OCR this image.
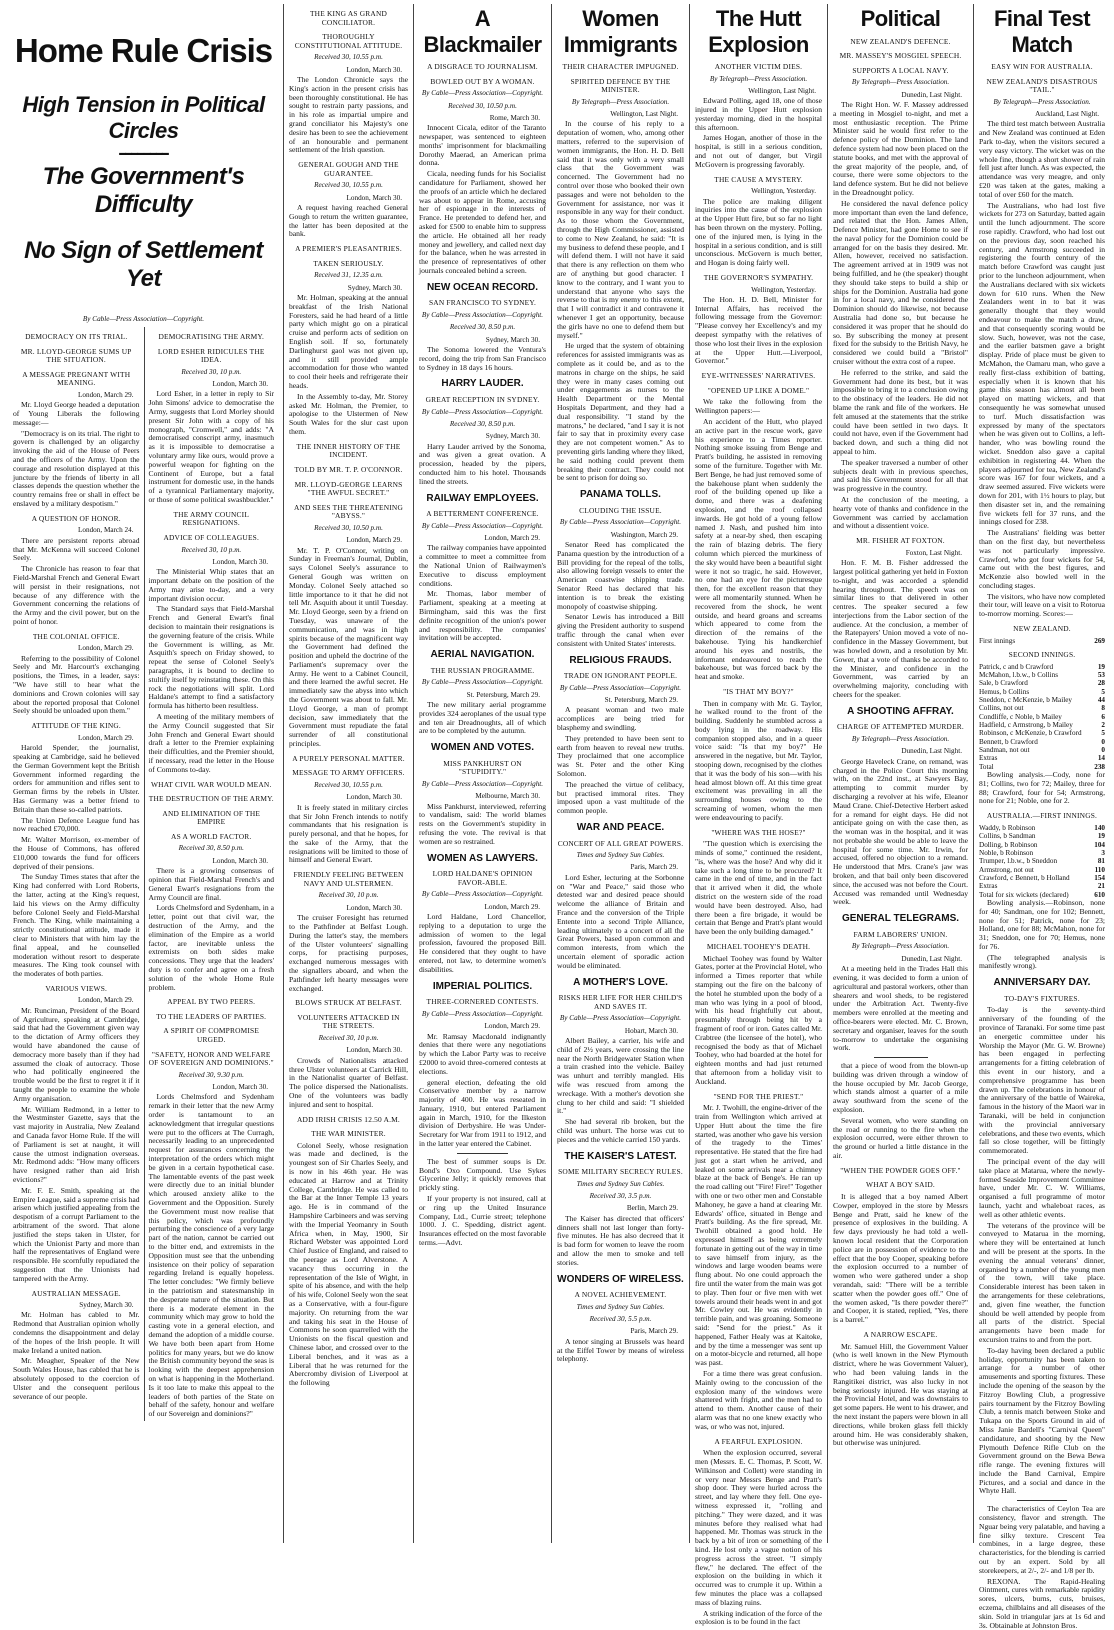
Home Rule Crisis
High Tension in Political Circles
▬▬▬▬ ▬▬▬▬
The Government's Difficulty
No Sign of Settlement Yet
By Cable—Press Association—Copyright.
DEMOCRACY ON ITS TRIAL.
MR. LLOYD-GEORGE SUMS UP THE SITUATION.
A MESSAGE PREGNANT WITH MEANING.
London, March 29.

Mr. Lloyd George headed a deputation of Young Liberals the following message:—

"Democracy is on its trial. The right to govern is challenged by an oligarchy invoking the aid of the House of Peers and the officers of the Army. Upon the courage and resolution displayed at this juncture by the friends of liberty in all classes depends the question whether the country remains free or shall in effect be enslaved by a military despotism."

A QUESTION OF HONOR.
London, March 24.

There are persistent reports abroad that Mr. McKenna will succeed Colonel Seely.

The Chronicle has reason to fear that Field-Marshal French and General Ewart will persist in their resignations, not because of any difference with the Government concerning the relations of the Army and the civil power, but on the point of honor.

THE COLONIAL OFFICE.
London, March 29.

Referring to the possibility of Colonel Seely and Mr. Harcourt's exchanging positions, the Times, in a leader, says: "We have still to hear what the dominions and Crown colonies will say about the reported proposal that Colonel Seely should be unloaded upon them."

ATTITUDE OF THE KING.
London, March 29.

Harold Spender, the journalist, speaking at Cambridge, said he believed the German Government kept the British Government informed regarding the orders for ammunition and rifles sent to German firms by the rebels in Ulster. Has Germany was a better friend to Britain than these so-called patriots.

The Union Defence League fund has now reached £70,000.

Mr. Walter Morrison, ex-member of the House of Commons, has offered £10,000 towards the fund for officers deprived of their pensions.

The Sunday Times states that after the King had conferred with Lord Roberts, the latter, acting at the King's request, laid his views on the Army difficulty before Colonel Seely and Field-Marshal French. The King, while maintaining a strictly constitutional attitude, made it clear to Ministers that with him lay the final appeal, and he counselled moderation without resort to desperate measures. The King took counsel with the moderates of both parties.

VARIOUS VIEWS.
London, March 29.

Mr. Runciman, President of the Board of Agriculture, speaking at Cambridge, said that had the Government given way to the dictation of Army officers they would have abandoned the cause of democracy more basely than if they had assumed the cloak of autocracy. Those who had politically engineered the trouble would be the first to regret it if it taught the people to examine the whole Army organisation.

Mr. William Redmond, in a letter to the Westminster Gazette, says that the vast majority in Australia, New Zealand and Canada favor Home Rule. If the will of Parliament is set at naught, it will cause the utmost indignation overseas. Mr. Redmond adds: "How many officers have resigned rather than aid Irish evictions?"

Mr. F. E. Smith, speaking at the Empire League, said a supreme crisis had arisen which justified appealing from the despotism of a corrupt Parliament to the arbitrament of the sword. That alone justified the steps taken in Ulster, for which the Unionist Party and more than half the representatives of England were responsible. He scornfully repudiated the suggestion that the Unionists had tampered with the Army.

AUSTRALIAN MESSAGE.
Sydney, March 30.

Mr. Holman has cabled to Mr. Redmond that Australian opinion wholly condemns the disappointment and delay of the hopes of the Irish people. It will make Ireland a united nation.

Mr. Meagher, Speaker of the New South Wales House, has cabled that he is absolutely opposed to the coercion of Ulster and the consequent perilous severance of our people.

DEMOCRATISING THE ARMY.
LORD ESHER RIDICULES THE IDEA.
Received 30, 10 p.m.
London, March 30.

Lord Esher, in a letter in reply to Sir John Simons' advice to democratise the Army, suggests that Lord Morley should present Sir John with a copy of his monograph, "Cromwell," and adds: "A democratised conscript army, inasmuch as it is impossible to democratise a voluntary army like ours, would prove a powerful weapon for fighting on the Continent of Europe, but a fatal instrument for domestic use, in the hands of a tyrannical Parliamentary majority, or those of some political swashbuckler."

THE ARMY COUNCIL RESIGNATIONS.
ADVICE OF COLLEAGUES.
Received 30, 10 p.m.
London, March 30.

The Ministerial Whip states that an important debate on the position of the Army may arise to-day, and a very important division occur.

The Standard says that Field-Marshal French and General Ewart's final decision to maintain their resignations is the governing feature of the crisis. While the Government is willing, as Mr. Asquith's speech on Friday showed, to repeat the sense of Colonel Seely's paragraphs, it is bound to decline to stultify itself by reinstating these. On this rock the negotiations will split. Lord Haldane's attempt to find a satisfactory formula has hitherto been resultless.

A meeting of the military members of the Army Council suggested that Sir John French and General Ewart should draft a letter to the Premier explaining their difficulties, and the Premier should, if necessary, read the letter in the House of Commons to-day.

WHAT CIVIL WAR WOULD MEAN.
THE DESTRUCTION OF THE ARMY.
AND ELIMINATION OF THE EMPIRE
AS A WORLD FACTOR.
Received 30, 8.50 p.m.
London, March 30.

There is a growing consensus of opinion that Field-Marshal French's and General Ewart's resignations from the Army Council are final.

Lords Chelmsford and Sydenham, in a letter, point out that civil war, the destruction of the Army, and the elimination of the Empire as a world factor, are inevitable unless the extremists on both sides make concessions. They urge that the leaders' duty is to confer and agree on a fresh solution of the whole Home Rule problem.

APPEAL BY TWO PEERS.
TO THE LEADERS OF PARTIES.
A SPIRIT OF COMPROMISE URGED.
"SAFETY, HONOR AND WELFARE OF SOVEREIGN AND DOMINIONS."
Received 30, 9.30 p.m.
London, March 30.

Lords Chelmsford and Sydenham remark in their letter that the new Army order is tantamount to an acknowledgment that irregular questions were put to the officers at The Curragh, necessarily leading to an unprecedented request for assurances concerning the interpretation of the orders which might be given in a certain hypothetical case. The lamentable events of the past week were directly due to an initial blunder which aroused anxiety alike to the Government and the Opposition. Surely the Government must now realise that this policy, which was profoundly perturbing the conscience of a very large part of the nation, cannot be carried out to the bitter end, and extremists in the Opposition must see that the unbending insistence on their policy of separation regarding Ireland is equally hopeless. The letter concludes: "We firmly believe in the patriotism and statesmanship in the desperate nature of the situation. But there is a moderate element in the community which may grow to hold the casting vote in a general election, and demand the adoption of a middle course. We have both been apart from Home politics for many years, but we do know the British community beyond the seas is looking with the deepest apprehension on what is happening in the Motherland. Is it too late to make this appeal to the leaders of both parties of the State on behalf of the safety, honour and welfare of our Sovereign and dominions?"

THE KING AS GRAND CONCILIATOR.
THOROUGHLY CONSTITUTIONAL ATTITUDE.
Received 30, 10.55 p.m.
London, March 30.

The London Chronicle says the King's action in the present crisis has been thoroughly constitutional. He has sought to restrain party passions, and in his role as impartial umpire and grand conciliator his Majesty's one desire has been to see the achievement of an honourable and permanent settlement of the Irish question.

GENERAL GOUGH AND THE GUARANTEE.
Received 30, 10.55 p.m.
London, March 30.

A request having reached General Gough to return the written guarantee, the latter has been deposited at the bank.

A PREMIER'S PLEASANTRIES.
TAKEN SERIOUSLY.
Received 31, 12.35 a.m.
Sydney, March 30.

Mr. Holman, speaking at the annual breakfast of the Irish National Foresters, said he had heard of a little party which might go on a piratical cruise and perform acts of sedition on English soil. If so, fortunately Darlinghurst gaol was not given up, and it still provided ample accommodation for those who wanted to cool their heels and refrigerate their heads.

In the Assembly to-day, Mr. Storey asked Mr. Holman, the Premier, to apologise to the Ulstermen of New South Wales for the slur cast upon them.

THE INNER HISTORY OF THE INCIDENT.
TOLD BY MR. T. P. O'CONNOR.
MR. LLOYD-GEORGE LEARNS "THE AWFUL SECRET."
AND SEES THE THREATENING "ABYSS."
Received 30, 10.50 p.m.
London, March 29.

Mr. T. P. O'Connor, writing on Sunday in Freeman's Journal, Dublin, says Colonel Seely's assurance to General Gough was written on Monday. Colonel Seely attached so little importance to it that he did not tell Mr. Asquith about it until Tuesday. Mr. Lloyd George, seen by a friend on Tuesday, was unaware of the communication, and was in high spirits because of the magnificent way the Government had defined the position and upheld the doctrine of the Parliament's supremacy over the Army. He went to a Cabinet Council, and there learned the awful secret. He immediately saw the abyss into which the Government was about to fall. Mr. Lloyd George, a man of prompt decision, saw immediately that the Government must repudiate the fatal surrender of all constitutional principles.

A PURELY PERSONAL MATTER.
MESSAGE TO ARMY OFFICERS.
Received 30, 10.55 p.m.
London, March 30.

It is freely stated in military circles that Sir John French intends to notify commandants that his resignation is purely personal, and that he hopes, for the sake of the Army, that the resignations will be limited to those of himself and General Ewart.

FRIENDLY FEELING BETWEEN NAVY AND ULSTERMEN.
Received 30, 10 p.m.
London, March 30.

The cruiser Foresight has returned to the Pathfinder at Belfast Lough. During the latter's stay, the members of the Ulster volunteers' signalling corps, for practising purposes, exchanged numerous messages with the signallers aboard, and when the Pathfinder left hearty messages were exchanged.

BLOWS STRUCK AT BELFAST.
VOLUNTEERS ATTACKED IN THE STREETS.
Received 30, 10 p.m.
London, March 30.

Crowds of Nationalists attacked three Ulster volunteers at Carrick Hill, in the Nationalist quarter of Belfast. The police dispersed the Nationalists. One of the volunteers was badly injured and sent to hospital.

ADD IRISH CRISIS 12.50 A.M.
THE WAR MINISTER.

Colonel Seely, whose resignation was made and declined, is the youngest son of Sir Charles Seely, and is now in his 46th year. He was educated at Harrow and at Trinity College, Cambridge. He was called to the Bar at the Inner Temple 13 years ago. He is in command of the Hampshire Carbineers and was serving with the Imperial Yeomanry in South Africa when, in May, 1900, Sir Richard Webster was appointed Lord Chief Justice of England, and raised to the peerage as Lord Alverstone. A vacancy thus occurring in the representation of the Isle of Wight, in spite of his absence, and with the help of his wife, Colonel Seely won the seat as a Conservative, with a four-figure majority. On returning from the war and taking his seat in the House of Commons he soon quarrelled with the Unionists on the fiscal question and Chinese labor, and crossed over to the Liberal benches, and it was as a Liberal that he was returned for the Abercromby division of Liverpool at the following

A Blackmailer
A DISGRACE TO JOURNALISM.
BOWLED OUT BY A WOMAN.
By Cable—Press Association—Copyright.
Received 30, 10.50 p.m.
Rome, March 30.

Innocent Cicala, editor of the Taranto newspaper, was sentenced to eighteen months' imprisonment for blackmailing Dorothy Maerad, an American prima donna.

Cicala, needing funds for his Socialist candidature for Parliament, showed her the proofs of an article which he declared was about to appear in Rome, accusing her of espionage in the interests of France. He pretended to defend her, and asked for £500 to enable him to suppress the article. He obtained all her ready money and jewellery, and called next day for the balance, when he was arrested in the presence of representatives of other journals concealed behind a screen.

NEW OCEAN RECORD.
SAN FRANCISCO TO SYDNEY.
By Cable—Press Association—Copyright.
Received 30, 8.50 p.m.
Sydney, March 30.

The Sonoma lowered the Ventura's record, doing the trip from San Francisco to Sydney in 18 days 16 hours.

HARRY LAUDER.
GREAT RECEPTION IN SYDNEY.
By Cable—Press Association—Copyright.
Received 30, 8.50 p.m.
Sydney, March 30.

Harry Lauder arrived by the Sonoma, and was given a great ovation. A procession, headed by the pipers, conducted him to his hotel. Thousands lined the streets.

RAILWAY EMPLOYEES.
A BETTERMENT CONFERENCE.
By Cable—Press Association—Copyright.
London, March 29.

The railway companies have appointed a committee to meet a committee from the National Union of Railwaymen's Executive to discuss employment conditions.

Mr. Thomas, labor member of Parliament, speaking at a meeting at Birmingham, said this was the first definite recognition of the union's power and responsibility. The companies' invitation will be accepted.

AERIAL NAVIGATION.
THE RUSSIAN PROGRAMME.
By Cable—Press Association—Copyright.
St. Petersburg, March 29.

The new military aerial programme provides 324 aeroplanes of the usual type and ten air Dreadnoughts, all of which are to be completed by the autumn.

WOMEN AND VOTES.
MISS PANKHURST ON "STUPIDITY."
By Cable—Press Association—Copyright.
Melbourne, March 30.

Miss Pankhurst, interviewed, referring to vandalism, said: The world blames rests on the Government's stupidity in refusing the vote. The revival is that women are so restrained.

WOMEN AS LAWYERS.
LORD HALDANE'S OPINION FAVOR-ABLE.
By Cable—Press Association—Copyright.
London, March 29.

Lord Haldane, Lord Chancellor, replying to a deputation to urge the admission of women to the legal profession, favoured the proposed Bill. He considered that they ought to have entered, not law, to determine women's disabilities.

IMPERIAL POLITICS.
THREE-CORNERED CONTESTS.
By Cable—Press Association—Copyright.
London, March 29.

Mr. Ramsay Macdonald indignantly denies that there were any negotiations by which the Labor Party was to receive £2000 to avoid three-cornered contests at elections.

general election, defeating the old Conservative member by a narrow majority of 400. He was reseated in January, 1910, but entered Parliament again in March, 1910, for the Ilkeston division of Derbyshire. He was Under-Secretary for War from 1911 to 1912, and in the latter year entered the Cabinet.

The best of summer soups is Dr. Bond's Oxo Compound. Use Sykes Glycerine Jelly; it quickly removes that prickly sting.

If your property is not insured, call at or ring up the United Insurance Company, Ltd., Currie street; telephone 1000. J. C. Spedding, district agent. Insurances effected on the most favorable terms.—Advt.

Women Immigrants
THEIR CHARACTER IMPUGNED.
SPIRITED DEFENCE BY THE MINISTER.
By Telegraph—Press Association.
Wellington, Last Night.

In the course of his reply to a deputation of women, who, among other matters, referred to the supervision of women immigrants, the Hon. H. D. Bell said that it was only with a very small class that the Government was concerned. The Government had no control over those who booked their own passages and were not beholden to the Government for assistance, nor was it responsible in any way for their conduct. As to those whom the Government, through the High Commissioner, assisted to come to New Zealand, he said: "It is my business to defend these people, and I will defend them. I will not have it said that there is any reflection on them who are of anything but good character. I know to the contrary, and I want you to understand that anyone who says the reverse to that is my enemy to this extent, that I will contradict it and contravene it whenever I get an opportunity, because the girls have no one to defend them but myself."

He urged that the system of obtaining references for assisted immigrants was as complete as it could be, and as to the matrons in charge on the ships, he said they were in many cases coming out under engagements as nurses to the Health Department or the Mental Hospitals Department, and they had a dual responsibility. "I stand by the matrons," he declared, "and I say it is not fair to say that in proximity every case they are not competent women." As to preventing girls landing where they liked, he said nothing could prevent them breaking their contract. They could not be sent to prison for doing so.

PANAMA TOLLS.
CLOUDING THE ISSUE.
By Cable—Press Association—Copyright.
Washington, March 29.

Senator Reed has complicated the Panama question by the introduction of a Bill providing for the repeal of the tolls, also allowing foreign vessels to enter the American coastwise shipping trade. Senator Reed has declared that his intention is to break the existing monopoly of coastwise shipping.

Senator Lewis has introduced a Bill giving the President authority to suspend traffic through the canal when ever consistent with United States' interests.

RELIGIOUS FRAUDS.
TRADE ON IGNORANT PEOPLE.
By Cable—Press Association—Copyright.
St. Petersburg, March 29.

A peasant woman and two male accomplices are being tried for blasphemy and swindling.

They pretended to have been sent to earth from heaven to reveal new truths. They proclaimed that one accomplice was St. Peter and the other King Solomon.

The preached the virtue of celibacy, but practised immoral rites. They imposed upon a vast multitude of the common people.

WAR AND PEACE.
CONCERT OF ALL GREAT POWERS.
Times and Sydney Sun Cables.
Paris, March 29.

Lord Esher, lecturing at the Sorbonne on "War and Peace," said those who detested war and desired peace should welcome the alliance of Britain and France and the conversion of the Triple Entente into a second Triple Alliance, leading ultimately to a concert of all the Great Powers, based upon common and common interests, from which the uncertain element of sporadic action would be eliminated.

A MOTHER'S LOVE.
RISKS HER LIFE FOR HER CHILD'S AND SAVES IT.
By Cable—Press Association—Copyright.
Hobart, March 30.

Albert Bailey, a carrier, his wife and child of 2½ years, were crossing the line near the North Bridgewater Station when a train crashed into the vehicle. Bailey was unhurt and terribly mangled. His wife was rescued from among the wreckage. With a mother's devotion she clung to her child and said: "I shielded it."

She had several rib broken, but the child was unhurt. The horse was cut to pieces and the vehicle carried 150 yards.

THE KAISER'S LATEST.
SOME MILITARY SECRECY RULES.
Times and Sydney Sun Cables.
Received 30, 3.5 p.m.
Berlin, March 29.

The Kaiser has directed that officers' dinners shall not last longer than forty-five minutes. He has also decreed that it is bad form for women to leave the room and allow the men to smoke and tell stories.

WONDERS OF WIRELESS.
A NOVEL ACHIEVEMENT.
Times and Sydney Sun Cables.
Received 30, 5.5 p.m.
Paris, March 29.

A tenor singing at Brussels was heard at the Eiffel Tower by means of wireless telephony.

The Hutt Explosion
ANOTHER VICTIM DIES.
By Telegraph—Press Association.
Wellington, Last Night.

Edward Polling, aged 18, one of those injured in the Upper Hutt explosion yesterday morning, died in the hospital this afternoon.

James Hogan, another of those in the hospital, is still in a serious condition, and not out of danger, but Virgil McGovern is progressing favorably.

THE CAUSE A MYSTERY.
Wellington, Yesterday.

The police are making diligent inquiries into the cause of the explosion at the Upper Hutt fire, but so far no light has been thrown on the mystery. Polling, one of the injured men, is lying in the hospital in a serious condition, and is still unconscious. McGovern is much better, and Hogan is doing fairly well.

THE GOVERNOR'S SYMPATHY.
Wellington, Yesterday.

The Hon. H. D. Bell, Minister for Internal Affairs, has received the following message from the Governor: "Please convey her Excellency's and my deepest sympathy with the relatives of those who lost their lives in the explosion at the Upper Hutt.—Liverpool, Governor."

EYE-WITNESSES' NARRATIVES.
"OPENED UP LIKE A DOME."

We take the following from the Wellington papers:—

An accident of the Hutt, who played an active part in the rescue work, gave his experience to a Times reporter. Nothing smoke issuing from Benge and Pratt's building, he assisted in removing some of the furniture. Together with Mr. Bert Benge, he had just removed some of the bakehouse plant when suddenly the roof of the building opened up like a dome, and there was a deafening explosion, and the roof collapsed inwards. He got hold of a young fellow named J. Nash, and pushed him into safety at a near-by shed, then escaping the rain of blazing debris. The fiery column which pierced the murkiness of the sky would have been a beautiful sight were it not so tragic, he said. However, no one had an eye for the picturesque then, for the excellent reason that they were all momentarily stunned. When he recovered from the shock, he went outside, and heard groans and screams which appeared to come from the direction of the remains of the bakehouse. Tying his handkerchief around his eyes and nostrils, the informant endeavoured to reach the bakehouse, but was forced back by the heat and smoke.

"IS THAT MY BOY?"

Then in company with Mr. G. Taylor, he walked round to the front of the building. Suddenly he stumbled across a body lying in the roadway. His companion stopped also, and in a queer voice said: "Is that my boy?" He answered in the negative, but Mr. Taylor, stooping down, recognised by the clothes that it was the body of his son—with his head almost blown off. At this time great excitement was prevailing in all the surrounding houses owing to the screaming of women, whom the men were endeavouring to pacify.

"WHERE WAS THE HOSE?"

"The question which is exercising the minds of some," continued the resident, "is, where was the hose? And why did it take such a long time to be procured? It came in the end of time, and in the fact that it arrived when it did, the whole district on the western side of the road would have been destroyed. Also, had there been a fire brigade, it would be certain that Benge and Pratt's plant would have been the only building damaged."

MICHAEL TOOHEY'S DEATH.

Michael Toohey was found by Walter Gates, porter at the Provincial Hotel, who informed a Times reporter that while stamping out the fire on the balcony of the hotel he stumbled upon the body of a man who was lying in a pool of blood, with his head frightfully cut about, presumably through being hit by a fragment of roof or iron. Gates called Mr. Crabtree (the licensee of the hotel), who recognised the body as that of Michael Toohey, who had boarded at the hotel for eighteen months and had just returned that afternoon from a holiday visit to Auckland.

"SEND FOR THE PRIEST."

Mr. J. Twohill, the engine-driver of the train from Wellington which arrived at Upper Hutt about the time the fire started, was another who gave his version of the tragedy to the Times' representative. He stated that the fire had just got a start when he arrived, and leaked on some arrivals near a chimney blaze at the back of Benge's. He ran up the road calling out "Fire! Fire!" Together with one or two other men and Constable Mahoney, he gave a hand at clearing Mr. Edwards' office, situated in Benge and Pratt's building. As the fire spread, Mr. Twohill obtained a good hold. He expressed himself as being extremely fortunate in getting out of the way in time to save himself from injury, as the windows and large wooden beams were flung about. No one could approach the fire until the water from the main was got to play. Then four or five men with wet towels around their heads went in and got Mr. Cowley out. He was evidently in terrible pain, and was groaning. Someone said: "Send for the priest." As it happened, Father Healy was at Kaitoke, and by the time a messenger was sent up on a motor-bicycle and returned, all hope was past.

For a time there was great confusion. Mainly owing to the concussion of the explosion many of the windows were shattered with fright, and the men had to attend to them. Another cause of their alarm was that no one knew exactly who was, or who was not, injured.

A FEARFUL EXPLOSION.

When the explosion occurred, several men (Messrs. E. C. Thomas, P. Scott, W. Wilkinson and Collett) were standing in or very near Messrs Benge and Pratt's shop door. They were hurled across the street, and lay where they fell. One eye-witness expressed it, "rolling and pitching." They were dazed, and it was minutes before they realised what had happened. Mr. Thomas was struck in the back by a bit of iron or something of the kind. He lost only a vague notion of his progress across the street. "I simply flew," he declared. The effect of the explosion on the building in which it occurred was to crumple it up. Within a few minutes the place was a collapsed mass of blazing ruins.

A striking indication of the force of the explosion is to be found in the fact

Political
NEW ZEALAND'S DEFENCE.
MR. MASSEY'S MOSGIEL SPEECH.
SUPPORTS A LOCAL NAVY.
By Telegraph—Press Association.
Dunedin, Last Night.

The Right Hon. W. F. Massey addressed a meeting in Mosgiel to-night, and met a most enthusiastic reception. The Prime Minister said he would first refer to the defence policy of the Dominion. The land defence system had now been placed on the statute books, and met with the approval of the great majority of the people, and, of course, there were some objectors to the land defence system. But he did not believe in the Dreadnought policy.

He considered the naval defence policy more important than even the land defence, and related that the Hon. James Allen, Defence Minister, had gone Home to see if the naval policy for the Dominion could be arranged for on the basis they desired. Mr. Allen, however, received no satisfaction. The agreement arrived at in 1909 was not being fulfilled, and he (the speaker) thought they should take steps to build a ship or ships for the Dominion. Australia had gone in for a local navy, and he considered the Dominion should do likewise, not because Australia had done so, but because he considered it was proper that he should do so. By subscribing the money at present fixed for the subsidy to the British Navy, he considered we could build a "Bristol" cruiser without the extra cost of a rupee.

He referred to the strike, and said the Government had done its best, but it was impossible to bring it to a conclusion owing to the obstinacy of the leaders. He did not blame the rank and file of the workers. He felt amused at the statements that the strike could have been settled in two days. It could not have, even if the Government had backed down, and such a thing did not appeal to him.

The speaker traversed a number of other subjects dealt with in previous speeches, and said his Government stood for all that was progressive in the country.

At the conclusion of the meeting, a hearty vote of thanks and confidence in the Government was carried by acclamation and without a dissentient voice.

MR. FISHER AT FOXTON.
Foxton, Last Night.

Hon. F. M. B. Fisher addressed the largest political gathering yet held in Foxton to-night, and was accorded a splendid hearing throughout. The speech was on similar lines to that delivered in other centres. The speaker secured a few interjections from the Labor section of the audience. At the conclusion, a member of the Ratepayers' Union moved a vote of no-confidence in the Massey Government, but was howled down, and a resolution by Mr. Gower, that a vote of thanks be accorded to the Minister, and confidence in the Government, was carried by an overwhelming majority, concluding with cheers for the speaker.

A SHOOTING AFFRAY.
CHARGE OF ATTEMPTED MURDER.
By Telegraph—Press Association.
Dunedin, Last Night.

George Haveleck Crane, on remand, was charged in the Police Court this morning with, on the 22nd inst., at Sawyers Bay, attempting to commit murder by discharging a revolver at his wife, Eleanor Maud Crane. Chief-Detective Herbert asked for a remand for eight days. He did not anticipate going on with the case then, as the woman was in the hospital, and it was not probable she would be able to leave the hospital for some time. Mr. Irwin, for accused, offered no objection to a remand. He understood that Mrs. Crane's jaw was broken, and that bail only been discovered since, the accused was not before the Court. Accused was remanded until Wednesday week.

GENERAL TELEGRAMS.
FARM LABORERS' UNION.
By Telegraph—Press Association.
Dunedin, Last Night.

At a meeting held in the Trades Hall this evening, it was decided to form a union of agricultural and pastoral workers, other than shearers and wool sheds, to be registered under the Arbitration Act. Twenty-five members were enrolled at the meeting and office-bearers were elected. Mr. C. Brown, secretary and organiser, leaves for the south to-morrow to undertake the organising work.

that a piece of wood from the blown-up building was driven through a window of the house occupied by Mr. Jacob George, which stands almost a quarter of a mile away southward from the scene of the explosion.

Several women, who were standing on the road or running to the fire when the explosion occurred, were either thrown to the ground or hurled a little distance in the air.

"WHEN THE POWDER GOES OFF."
WHAT A BOY SAID.

It is alleged that a boy named Albert Cowper, employed in the store by Messrs Benge and Pratt, said he knew of the presence of explosives in the building. A few days previously he had told a well-known local resident that the Corporation police are in possession of evidence to the effect that the boy Cooper, speaking before the explosion occurred to a number of women who were gathered under a shop verandah, said: "There will be a terrible scatter when the powder goes off." One of the women asked, "Is there powder there?" and Cooper, it is stated, replied, "Yes, there is a barrel."

A NARROW ESCAPE.

Mr. Samuel Hill, the Government Valuer (who is well known in the New Plymouth district, where he was Government Valuer), who had been valuing lands in the Rangitikei district, was also lucky in not being seriously injured. He was staying at the Provincial Hotel, and was downstairs to get some papers. He went to his drawer, and the next instant the papers were blown in all directions, while broken glass fell thickly around him. He was considerably shaken, but otherwise was uninjured.

Final Test Match
EASY WIN FOR AUSTRALIA.
NEW ZEALAND'S DISASTROUS "TAIL."
By Telegraph—Press Association.
Auckland, Last Night.

The third test match between Australia and New Zealand was continued at Eden Park to-day, when the visitors secured a very easy victory. The wicket was on the whole fine, though a short shower of rain fell just after lunch. As was expected, the attendance was very meagre, and only £20 was taken at the gates, making a total of over £60 for the match.

The Australians, who had lost five wickets for 273 on Saturday, batted again until the lunch adjournment. The score rose rapidly. Crawford, who had lost out on the previous day, soon reached his century, and Armstrong succeeded in registering the fourth century of the match before Crawford was caught just prior to the luncheon adjournment, when the Australians declared with six wickets down for 610 runs. When the New Zealanders went in to bat it was generally thought that they would endeavour to make the match a draw, and that consequently scoring would be slow. Such, however, was not the case, and the earlier batsmen gave a bright display. Pride of place must be given to McMahon, the Oamaru man, who gave a really first-class exhibition of batting, especially when it is known that his game this season has almost all been played on matting wickets, and that consequently he was somewhat unused to turf. Much dissatisfaction was expressed by many of the spectators when he was given out to Collins, a left-hander, who was bowling round the wicket. Sneddon also gave a capital exhibition in registering 44. When the players adjourned for tea, New Zealand's score was 167 for four wickets, and a draw seemed assured. Five wickets were down for 201, with 1½ hours to play, but then disaster set in, and the remaining five wickets fell for 37 runs, and the innings closed for 238.

The Australians' fielding was better than on the first day, but nevertheless was not particularly impressive. Crawford, who got four wickets for 54, came out with the best figures, and McKenzie also bowled well in the concluding stages.

The visitors, who have now completed their tour, will leave on a visit to Rotorua to-morrow morning. Scores:—

NEW ZEALAND.
First innings	269
SECOND INNINGS.
Patrick, c and b Crawford	19
McMahon, l.b.w., b Collins	53
Sale, b Crawford	28
Hemus, b Collins	5
Sneddon, c McKenzie, b Mailey	44
Collins, not out	8
Condliffe, c Noble, b Mailey	6
Hadfield, c Armstrong, b Mailey	2
Robinson, c McKenzie, b Crawford	5
Bennett, b Crawford	0
Sandman, not out	0
Extras	14
Total	238

Bowling analysis.—Cody, none for 81; Collins, two for 72; Mailey, three for 88; Crawford, four for 54; Armstrong, none for 21; Noble, one for 2.

AUSTRALIA.—FIRST INNINGS.
Waddy, b Robinson	140
Collins, b Sandman	19
Dolling, b Robinson	104
Noble, b Robinson	3
Trumper, l.b.w., b Sneddon	81
Armstrong, not out	110
Crawford, c Bennett, b Holland	154
Extras	21
Total for six wickets (declared)	610

Bowling analysis.—Robinson, none for 40; Sandman, one for 102; Bennett, none for 51; Patrick, none for 23; Holland, one for 88; McMahon, none for 31; Sneddon, one for 70; Hemus, none for 76.

(The telegraphed analysis is manifestly wrong).

ANNIVERSARY DAY.
TO-DAY'S FIXTURES.

To-day is the seventy-third anniversary of the founding of the province of Taranaki. For some time past an energetic committee under his Worship the Mayor (Mr. G. W. Browne) has been engaged in perfecting arrangements for a fitting celebration of this event in our history, and a comprehensive programme has been drawn up. The celebrations in honour of the anniversary of the battle of Waireka, famous in the history of the Maori war in Taranaki, will be held in conjunction with the provincial anniversary celebrations, and these two events, which fall so close together, will be fittingly commemorated.

The principal event of the day will take place at Matarua, where the newly-formed Seaside Improvement Committee have, under Mr. C. W. Williams, organised a full programme of motor launch, yacht and whaleboat races, as well as other athletic events.

The veterans of the province will be conveyed to Matarua in the morning, where they will be entertained at lunch and will be present at the sports. In the evening the annual veterans' dinner, organised by a number of the young men of the town, will take place. Considerable interest has been taken in the arrangements for these celebrations, and, given fine weather, the function should be well attended by people from all parts of the district. Special arrangements have been made for excursion trains to and from the port.

To-day having been declared a public holiday, opportunity has been taken to arrange for a number of other amusements and sporting fixtures. These include the opening of the season by the Fitzroy Bowling Club, a progressive pairs tournament by the Fitzroy Bowling Club, a tennis match between Stoke and Tukapa on the Sports Ground in aid of Miss Janie Bardell's "Carnival Queen" candidature, and shooting by the New Plymouth Defence Rifle Club on the Government ground on the Bewa Bewa rifle range. The evening fixtures will include the Band Carnival, Empire Pictures, and a social and dance in the Whyte Hall.

The characteristics of Ceylon Tea are consistency, flavor and strength. The Nguar being very palatable, and having a fine silky texture. Crescent Tea combines, in a large degree, these characteristics, for the blending is carried out by an expert. Sold by all storekeepers, at 2/-, 2/- and 1/8 per lb.

REXONA. The Rapid-Healing Ointment, cures with remarkable rapidity sores, ulcers, burns, cuts, bruises, eczema, chilblains and all diseases of the skin. Sold in triangular jars at 1s 6d and 3s. Obtainable at Johnston Bros.
